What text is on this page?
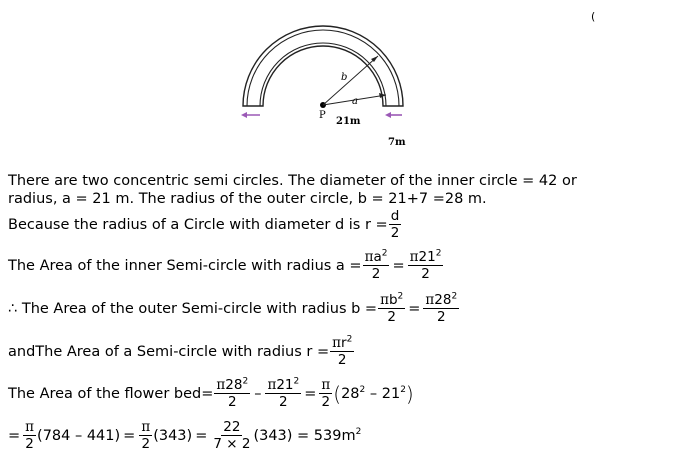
(
b
a
P
21m
7m
There are two concentric semi circles. The diameter of the inner circle = 42 or
radius, a = 21 m. The radius of the outer circle, b = 21+7 =28 m.
Because the radius of a Circle with diameter d is $r = \frac{d}{2}$
The Area of the inner Semi-circle with radius $a = \frac{\pi a^2}{2} = \frac{\pi 21^2}{2}$
∴ The Area of the outer Semi-circle with radius $b = \frac{\pi b^2}{2} = \frac{\pi 28^2}{2}$
andThe Area of a Semi-circle with radius $r = \frac{\pi r^2}{2}$
The Area of the flower $bed= \frac{\pi 28^2}{2} - \frac{\pi 21^2}{2} = \frac{\pi}{2}$ ( $28^2 - 21^2$ )
= $\frac{\pi}{2} (784 - 441) = \frac{\pi}{2} (343) = \frac{22}{7 \times 2} (343) = 539m^2$
